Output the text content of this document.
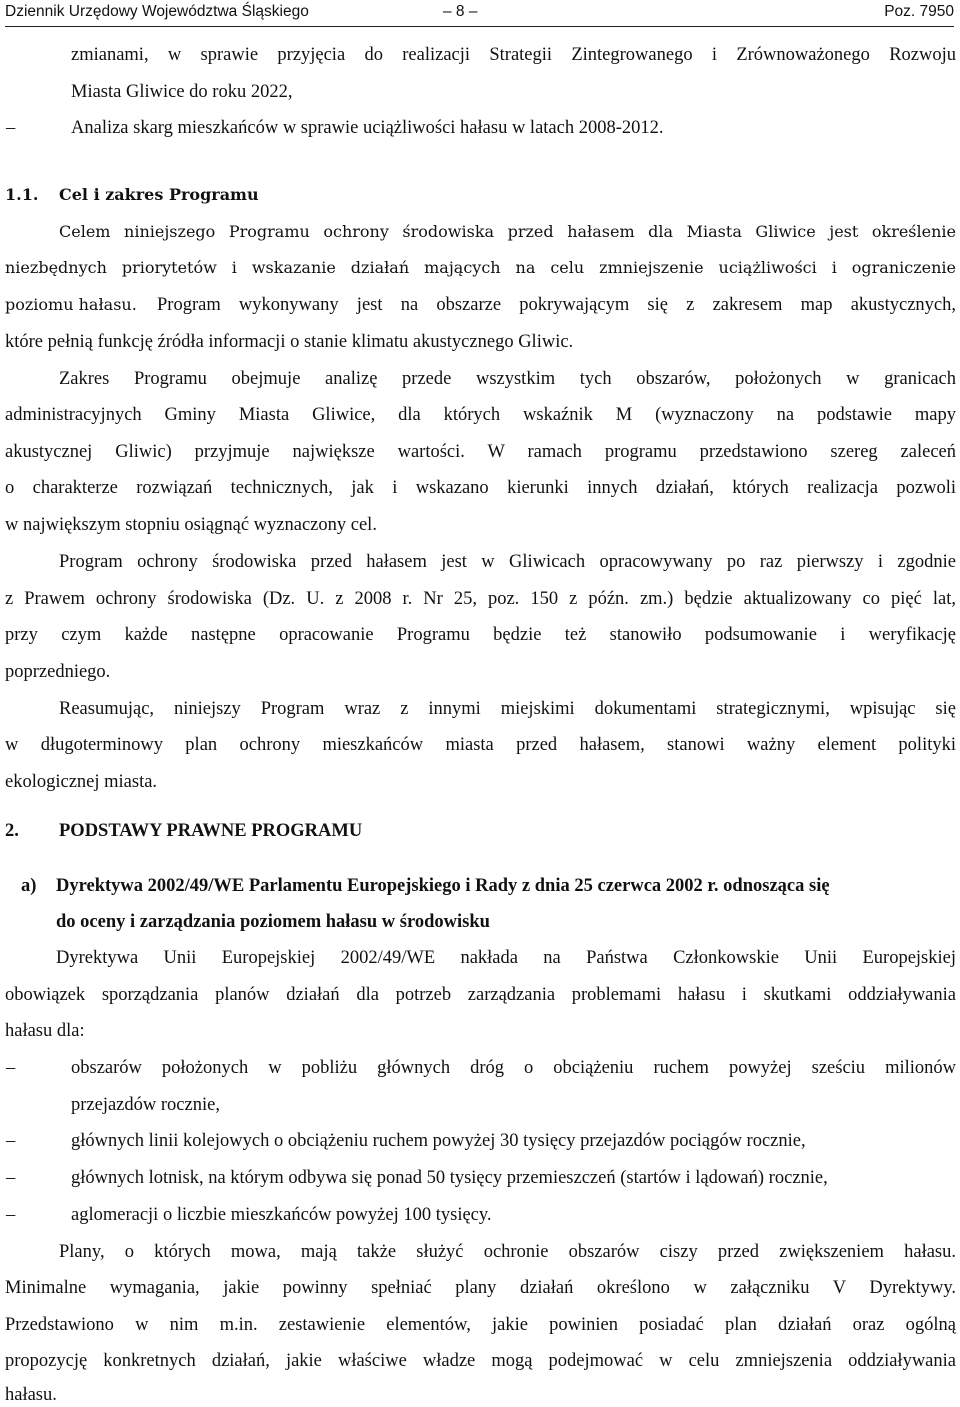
Dziennik Urzędowy Województwa Śląskiego	– 8 –	Poz. 7950
zmianami, w sprawie przyjęcia do realizacji Strategii Zintegrowanego i Zrównoważonego Rozwoju
Miasta Gliwice do roku 2022,
–	Analiza skarg mieszkańców w sprawie uciążliwości hałasu w latach 2008-2012.
1.1. Cel i zakres Programu
Celem niniejszego Programu ochrony środowiska przed hałasem dla Miasta Gliwice jest określenie
niezbędnych priorytetów i wskazanie działań mających na celu zmniejszenie uciążliwości i ograniczenie
poziomu hałasu. Program wykonywany jest na obszarze pokrywającym się z zakresem map akustycznych,
które pełnią funkcję źródła informacji o stanie klimatu akustycznego Gliwic.
Zakres Programu obejmuje analizę przede wszystkim tych obszarów, położonych w granicach
administracyjnych Gminy Miasta Gliwice, dla których wskaźnik M (wyznaczony na podstawie mapy
akustycznej Gliwic) przyjmuje największe wartości. W ramach programu przedstawiono szereg zaleceń
o charakterze rozwiązań technicznych, jak i wskazano kierunki innych działań, których realizacja pozwoli
w największym stopniu osiągnąć wyznaczony cel.
Program ochrony środowiska przed hałasem jest w Gliwicach opracowywany po raz pierwszy i zgodnie
z Prawem ochrony środowiska (Dz. U. z 2008 r. Nr 25, poz. 150 z późn. zm.) będzie aktualizowany co pięć lat,
przy czym każde następne opracowanie Programu będzie też stanowiło podsumowanie i weryfikację
poprzedniego.
Reasumując, niniejszy Program wraz z innymi miejskimi dokumentami strategicznymi, wpisując się
w długoterminowy plan ochrony mieszkańców miasta przed hałasem, stanowi ważny element polityki
ekologicznej miasta.
2. PODSTAWY PRAWNE PROGRAMU
a) Dyrektywa 2002/49/WE Parlamentu Europejskiego i Rady z dnia 25 czerwca 2002 r. odnosząca się
do oceny i zarządzania poziomem hałasu w środowisku
Dyrektywa Unii Europejskiej 2002/49/WE nakłada na Państwa Członkowskie Unii Europejskiej
obowiązek sporządzania planów działań dla potrzeb zarządzania problemami hałasu i skutkami oddziaływania
hałasu dla:
–	obszarów położonych w pobliżu głównych dróg o obciążeniu ruchem powyżej sześciu milionów
przejazdów rocznie,
–	głównych linii kolejowych o obciążeniu ruchem powyżej 30 tysięcy przejazdów pociągów rocznie,
–	głównych lotnisk, na którym odbywa się ponad 50 tysięcy przemieszczeń (startów i lądowań) rocznie,
–	aglomeracji o liczbie mieszkańców powyżej 100 tysięcy.
Plany, o których mowa, mają także służyć ochronie obszarów ciszy przed zwiększeniem hałasu.
Minimalne wymagania, jakie powinny spełniać plany działań określono w załączniku V Dyrektywy.
Przedstawiono w nim m.in. zestawienie elementów, jakie powinien posiadać plan działań oraz ogólną
propozycję konkretnych działań, jakie właściwe władze mogą podejmować w celu zmniejszenia oddziaływania
hałasu.
